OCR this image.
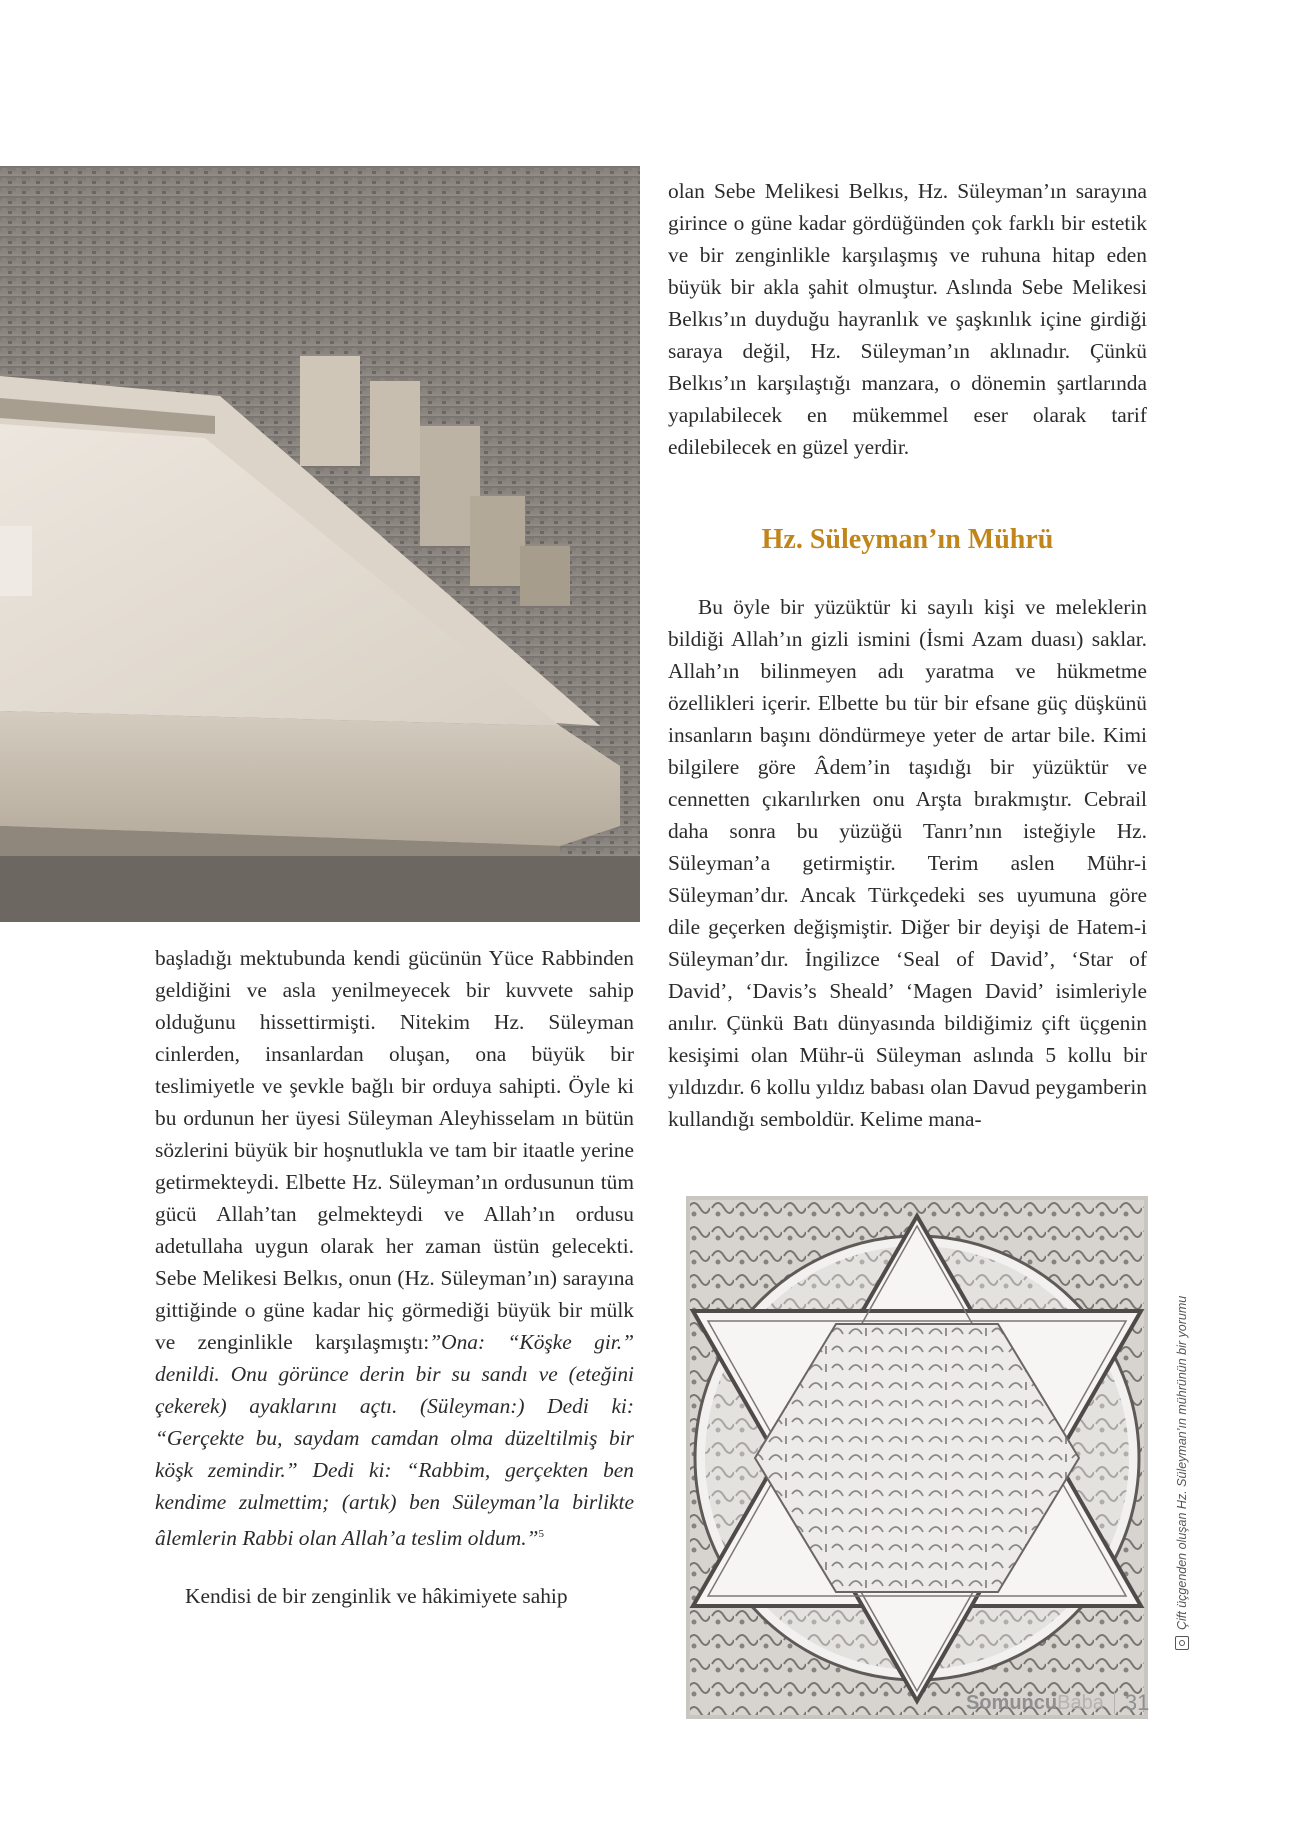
olan Sebe Melikesi Belkıs, Hz. Süleyman’ın sarayına girince o güne kadar gördüğünden çok farklı bir estetik ve bir zenginlikle karşılaşmış ve ruhuna hitap eden büyük bir akla şahit olmuştur. Aslında Sebe Melikesi Belkıs’ın duyduğu hayranlık ve şaşkınlık içine girdiği saraya değil, Hz. Süleyman’ın aklınadır. Çünkü Belkıs’ın karşılaştığı manzara, o dönemin şartlarında yapılabilecek en mükemmel eser olarak tarif edilebilecek en güzel yerdir.

Hz. Süleyman’ın Mührü

Bu öyle bir yüzüktür ki sayılı kişi ve meleklerin bildiği Allah’ın gizli ismini (İsmi Azam duası) saklar. Allah’ın bilinmeyen adı yaratma ve hükmetme özellikleri içerir. Elbette bu tür bir efsane güç düşkünü insanların başını döndürmeye yeter de artar bile. Kimi bilgilere göre Âdem’in taşıdığı bir yüzüktür ve cennetten çıkarılırken onu Arşta bırakmıştır. Cebrail daha sonra bu yüzüğü Tanrı’nın isteğiyle Hz. Süleyman’a getirmiştir. Terim aslen Mühr-i Süleyman’dır. Ancak Türkçedeki ses uyumuna göre dile geçerken değişmiştir. Diğer bir deyişi de Hatem-i Süleyman’dır. İngilizce ‘Seal of David’, ‘Star of David’, ‘Davis’s Sheald’ ‘Magen David’ isimleriyle anılır. Çünkü Batı dünyasında bildiğimiz çift üçgenin kesişimi olan Mühr-ü Süleyman aslında 5 kollu bir yıldızdır. 6 kollu yıldız babası olan Davud peygamberin kullandığı semboldür. Kelime mana-

başladığı mektubunda kendi gücünün Yüce Rabbinden geldiğini ve asla yenilmeyecek bir kuvvete sahip olduğunu hissettirmişti. Nitekim Hz. Süleyman cinlerden, insanlardan oluşan, ona büyük bir teslimiyetle ve şevkle bağlı bir orduya sahipti. Öyle ki bu ordunun her üyesi Süleyman Aleyhisselam ın bütün sözlerini büyük bir hoşnutlukla ve tam bir itaatle yerine getirmekteydi. Elbette Hz. Süleyman’ın ordusunun tüm gücü Allah’tan gelmekteydi ve Allah’ın ordusu adetullaha uygun olarak her zaman üstün gelecekti. Sebe Melikesi Belkıs, onun (Hz. Süleyman’ın) sarayına gittiğinde o güne kadar hiç görmediği büyük bir mülk ve zenginlikle karşılaşmıştı:”Ona: “Köşke gir.” denildi. Onu görünce derin bir su sandı ve (eteğini çekerek) ayaklarını açtı. (Süleyman:) Dedi ki: “Gerçekte bu, saydam camdan olma düzeltilmiş bir köşk zemindir.” Dedi ki: “Rabbim, gerçekten ben kendime zulmettim; (artık) ben Süleyman’la birlikte âlemlerin Rabbi olan Allah’a teslim oldum.”$^5$

Kendisi de bir zenginlik ve hâkimiyete sahip	Çift üçgenden oluşan Hz. Süleyman’ın mührünün bir yorumu
Somuncu Baba 31
